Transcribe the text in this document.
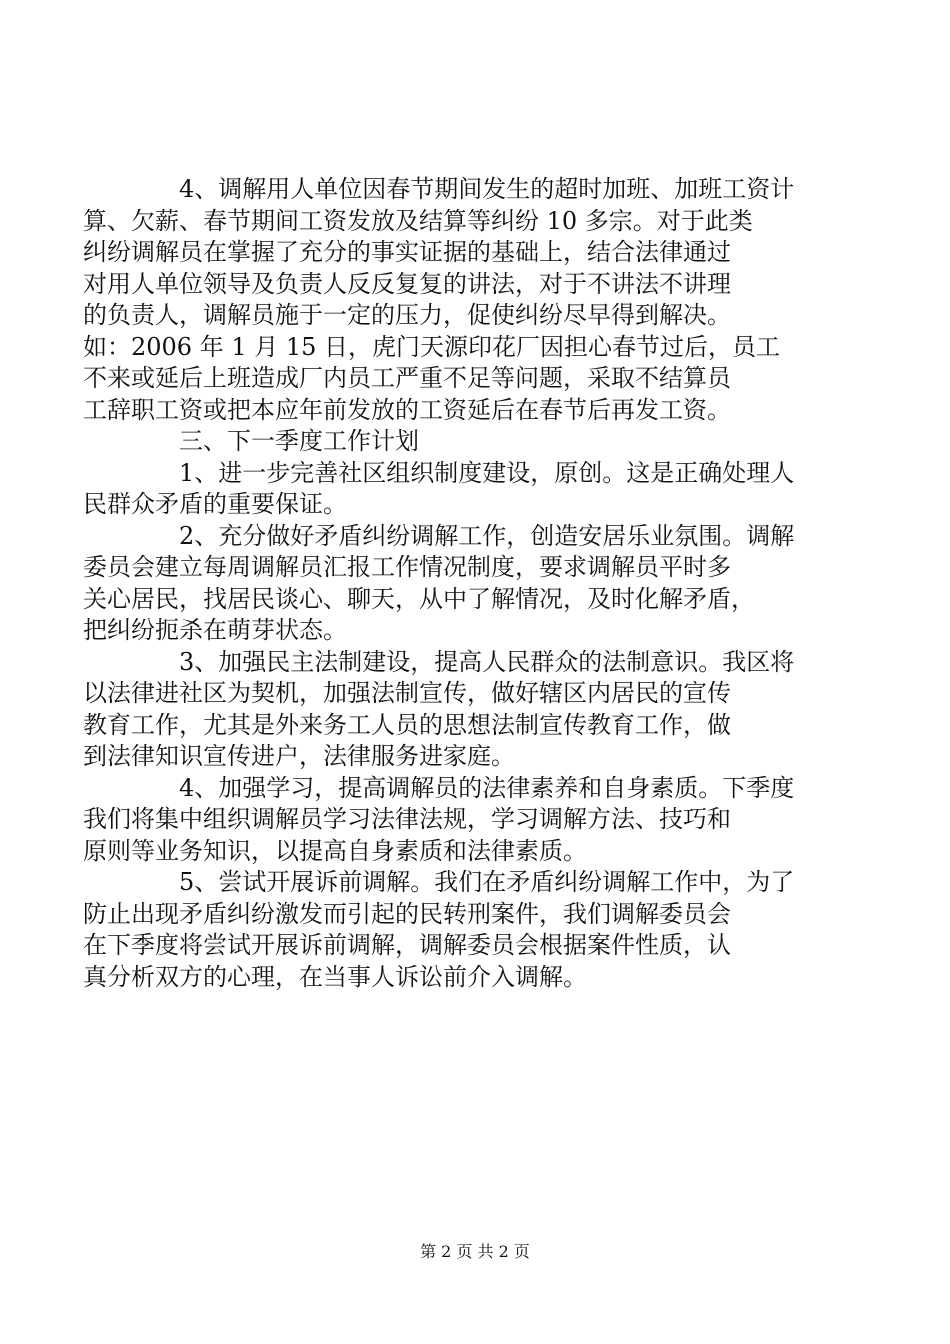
4、调解用人单位因春节期间发生的超时加班、加班工资计
算、欠薪、春节期间工资发放及结算等纠纷 10 多宗。对于此类
纠纷调解员在掌握了充分的事实证据的基础上，结合法律通过
对用人单位领导及负责人反反复复的讲法，对于不讲法不讲理
的负责人，调解员施于一定的压力，促使纠纷尽早得到解决。
如：2006 年 1 月 15 日，虎门天源印花厂因担心春节过后，员工
不来或延后上班造成厂内员工严重不足等问题，采取不结算员
工辞职工资或把本应年前发放的工资延后在春节后再发工资。
三、下一季度工作计划
1、进一步完善社区组织制度建设，原创。这是正确处理人
民群众矛盾的重要保证。
2、充分做好矛盾纠纷调解工作，创造安居乐业氛围。调解
委员会建立每周调解员汇报工作情况制度，要求调解员平时多
关心居民，找居民谈心、聊天，从中了解情况，及时化解矛盾，
把纠纷扼杀在萌芽状态。
3、加强民主法制建设，提高人民群众的法制意识。我区将
以法律进社区为契机，加强法制宣传，做好辖区内居民的宣传
教育工作，尤其是外来务工人员的思想法制宣传教育工作，做
到法律知识宣传进户，法律服务进家庭。
4、加强学习，提高调解员的法律素养和自身素质。下季度
我们将集中组织调解员学习法律法规，学习调解方法、技巧和
原则等业务知识，以提高自身素质和法律素质。
5、尝试开展诉前调解。我们在矛盾纠纷调解工作中，为了
防止出现矛盾纠纷激发而引起的民转刑案件，我们调解委员会
在下季度将尝试开展诉前调解，调解委员会根据案件性质，认
真分析双方的心理，在当事人诉讼前介入调解。
第 2 页 共 2 页
